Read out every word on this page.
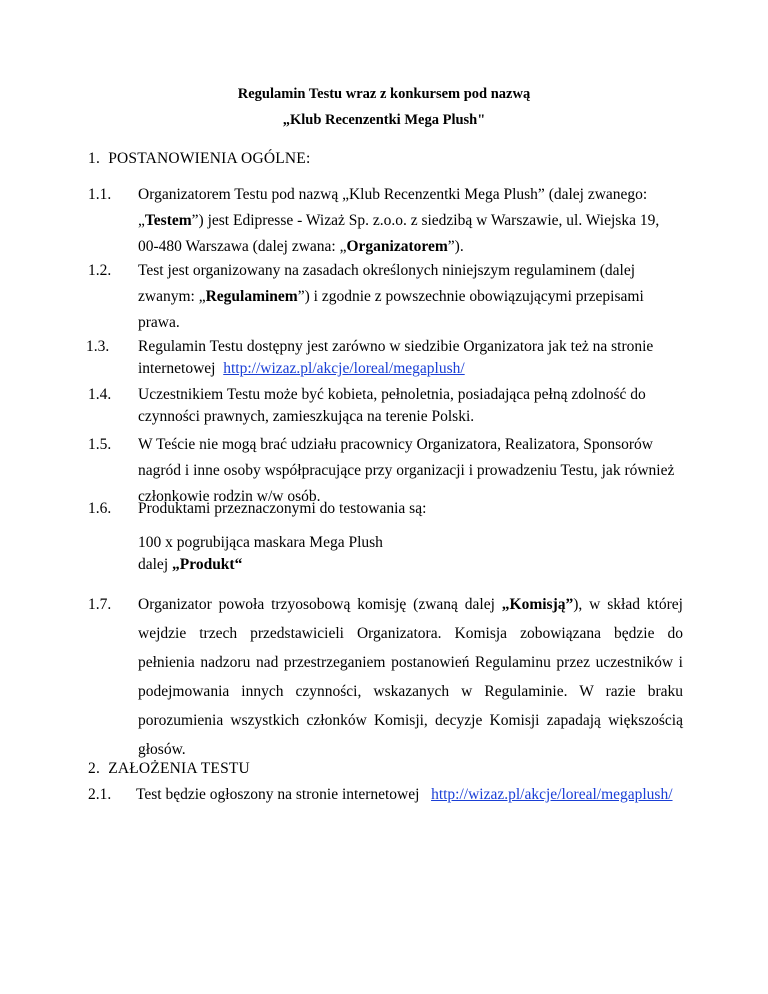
Regulamin Testu wraz z konkursem pod nazwą
„Klub Recenzentki Mega Plush"
1. POSTANOWIENIA OGÓLNE:
1.1. Organizatorem Testu pod nazwą „Klub Recenzentki Mega Plush” (dalej zwanego:
„Testem”) jest Edipresse - Wizaż Sp. z.o.o. z siedzibą w Warszawie, ul. Wiejska 19,
00-480 Warszawa (dalej zwana: „Organizatorem”).
1.2. Test jest organizowany na zasadach określonych niniejszym regulaminem (dalej
zwanym: „Regulaminem”) i zgodnie z powszechnie obowiązującymi przepisami
prawa.
1.3. Regulamin Testu dostępny jest zarówno w siedzibie Organizatora jak też na stronie
internetowej http://wizaz.pl/akcje/loreal/megaplush/
1.4. Uczestnikiem Testu może być kobieta, pełnoletnia, posiadająca pełną zdolność do
czynności prawnych, zamieszkująca na terenie Polski.
1.5. W Teście nie mogą brać udziału pracownicy Organizatora, Realizatora, Sponsorów
nagród i inne osoby współpracujące przy organizacji i prowadzeniu Testu, jak również
członkowie rodzin w/w osób.
1.6. Produktami przeznaczonymi do testowania są:
100 x pogrubijąca maskara Mega Plush
dalej „Produkt“
1.7. Organizator powoła trzyosobową komisję (zwaną dalej „Komisją”), w skład której
wejdzie trzech przedstawicieli Organizatora. Komisja zobowiązana będzie do
pełnienia nadzoru nad przestrzeganiem postanowień Regulaminu przez uczestników i
podejmowania innych czynności, wskazanych w Regulaminie. W razie braku
porozumienia wszystkich członków Komisji, decyzje Komisji zapadają większością
głosów.
2. ZAŁOŻENIA TESTU
2.1. Test będzie ogłoszony na stronie internetowej http://wizaz.pl/akcje/loreal/megaplush/
